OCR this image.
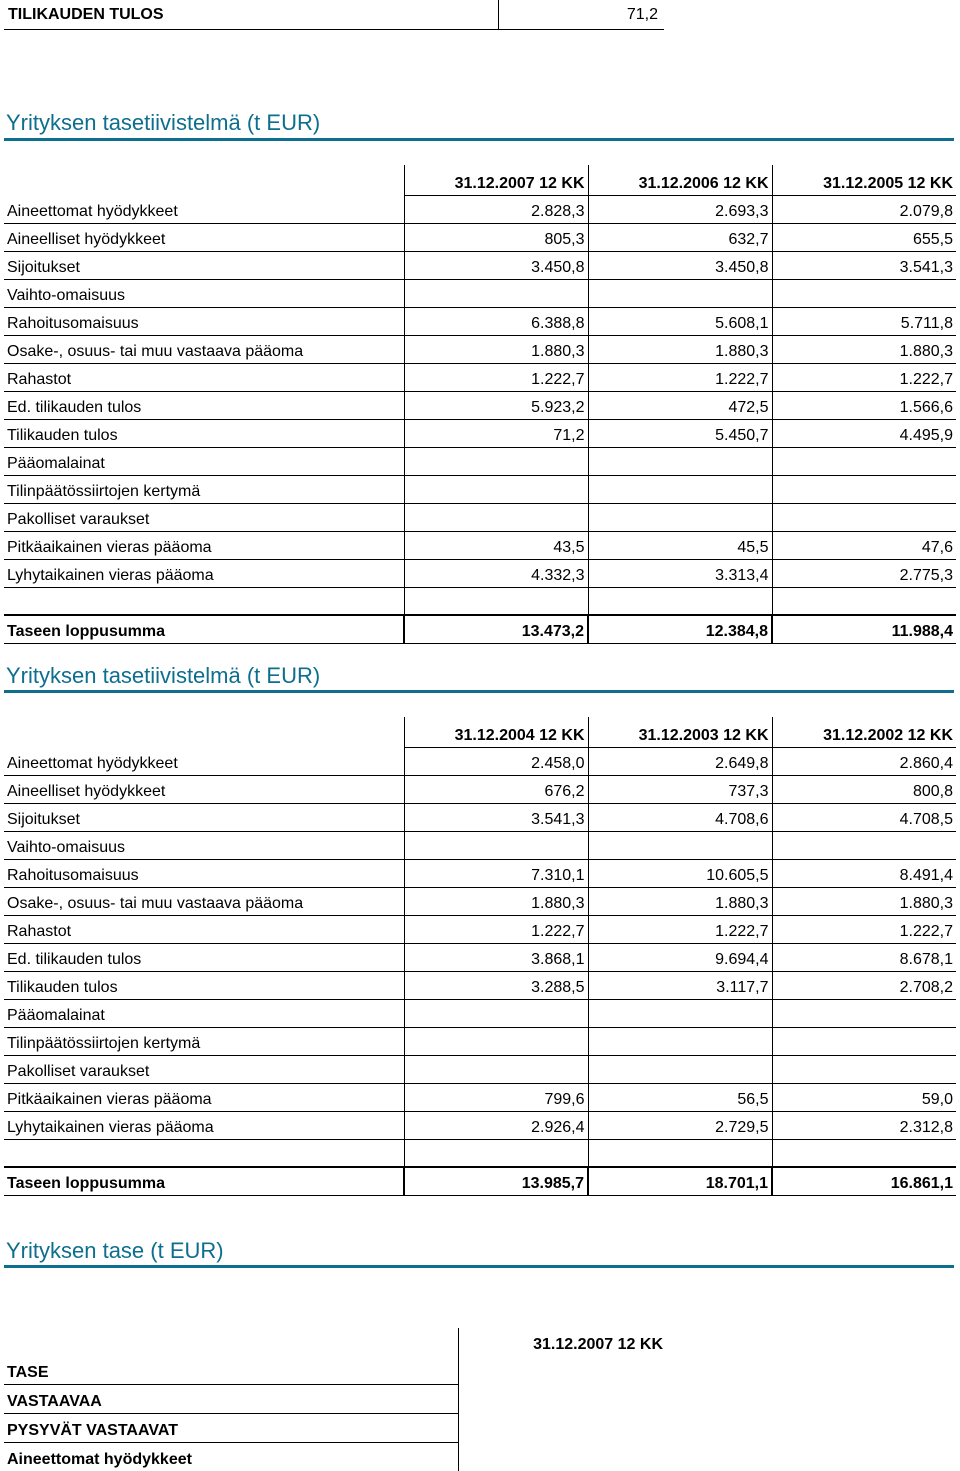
TILIKAUDEN TULOS	71,2
Yrityksen tasetiivistelmä (t EUR)
	31.12.2007 12 KK	31.12.2006 12 KK	31.12.2005 12 KK
Aineettomat hyödykkeet	2.828,3	2.693,3	2.079,8
Aineelliset hyödykkeet	805,3	632,7	655,5
Sijoitukset	3.450,8	3.450,8	3.541,3
Vaihto-omaisuus			
Rahoitusomaisuus	6.388,8	5.608,1	5.711,8
Osake-, osuus- tai muu vastaava pääoma	1.880,3	1.880,3	1.880,3
Rahastot	1.222,7	1.222,7	1.222,7
Ed. tilikauden tulos	5.923,2	472,5	1.566,6
Tilikauden tulos	71,2	5.450,7	4.495,9
Pääomalainat			
Tilinpäätössiirtojen kertymä			
Pakolliset varaukset			
Pitkäaikainen vieras pääoma	43,5	45,5	47,6
Lyhytaikainen vieras pääoma	4.332,3	3.313,4	2.775,3

Taseen loppusumma	13.473,2	12.384,8	11.988,4
Yrityksen tasetiivistelmä (t EUR)
	31.12.2004 12 KK	31.12.2003 12 KK	31.12.2002 12 KK
Aineettomat hyödykkeet	2.458,0	2.649,8	2.860,4
Aineelliset hyödykkeet	676,2	737,3	800,8
Sijoitukset	3.541,3	4.708,6	4.708,5
Vaihto-omaisuus			
Rahoitusomaisuus	7.310,1	10.605,5	8.491,4
Osake-, osuus- tai muu vastaava pääoma	1.880,3	1.880,3	1.880,3
Rahastot	1.222,7	1.222,7	1.222,7
Ed. tilikauden tulos	3.868,1	9.694,4	8.678,1
Tilikauden tulos	3.288,5	3.117,7	2.708,2
Pääomalainat			
Tilinpäätössiirtojen kertymä			
Pakolliset varaukset			
Pitkäaikainen vieras pääoma	799,6	56,5	59,0
Lyhytaikainen vieras pääoma	2.926,4	2.729,5	2.312,8

Taseen loppusumma	13.985,7	18.701,1	16.861,1
Yrityksen tase (t EUR)
	31.12.2007 12 KK
TASE	
VASTAAVAA	
PYSYVÄT VASTAAVAT	
Aineettomat hyödykkeet	
